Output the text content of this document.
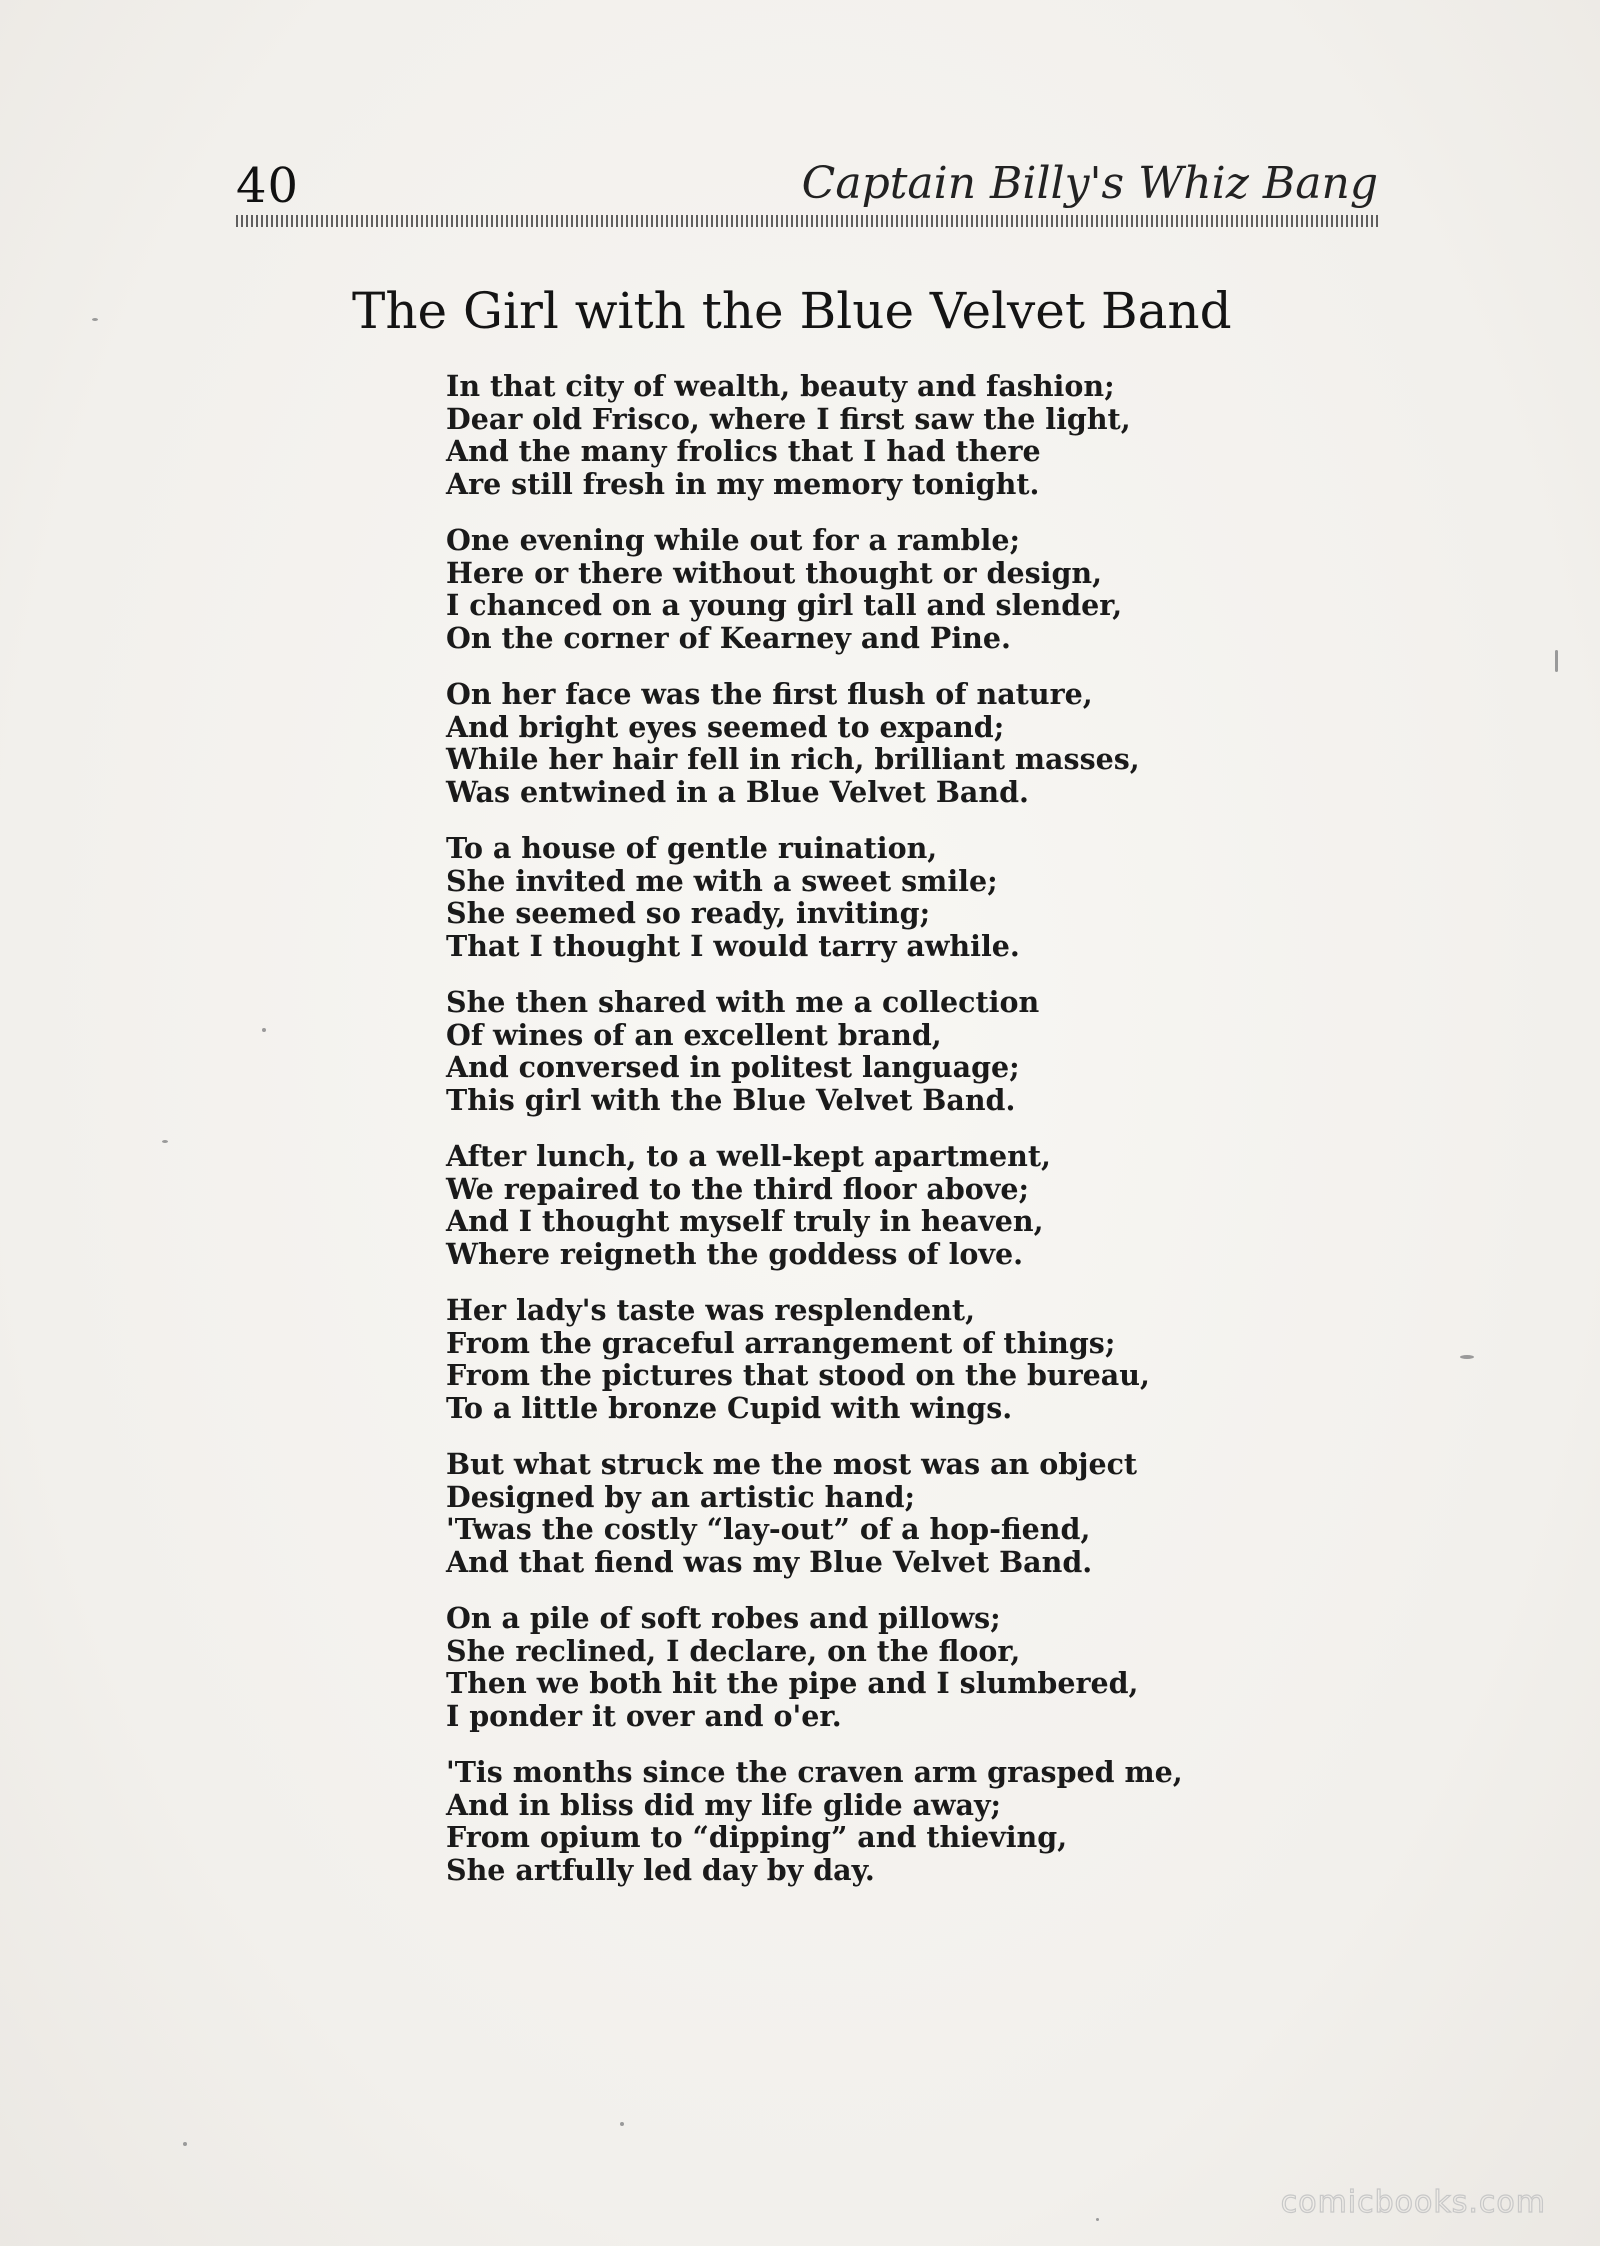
40	Captain Billy's Whiz Bang
The Girl with the Blue Velvet Band
In that city of wealth, beauty and fashion;
Dear old Frisco, where I first saw the light,
And the many frolics that I had there
Are still fresh in my memory tonight.
One evening while out for a ramble;
Here or there without thought or design,
I chanced on a young girl tall and slender,
On the corner of Kearney and Pine.
On her face was the first flush of nature,
And bright eyes seemed to expand;
While her hair fell in rich, brilliant masses,
Was entwined in a Blue Velvet Band.
To a house of gentle ruination,
She invited me with a sweet smile;
She seemed so ready, inviting;
That I thought I would tarry awhile.
She then shared with me a collection
Of wines of an excellent brand,
And conversed in politest language;
This girl with the Blue Velvet Band.
After lunch, to a well-kept apartment,
We repaired to the third floor above;
And I thought myself truly in heaven,
Where reigneth the goddess of love.
Her lady's taste was resplendent,
From the graceful arrangement of things;
From the pictures that stood on the bureau,
To a little bronze Cupid with wings.
But what struck me the most was an object
Designed by an artistic hand;
'Twas the costly “lay-out” of a hop-fiend,
And that fiend was my Blue Velvet Band.
On a pile of soft robes and pillows;
She reclined, I declare, on the floor,
Then we both hit the pipe and I slumbered,
I ponder it over and o'er.
'Tis months since the craven arm grasped me,
And in bliss did my life glide away;
From opium to “dipping” and thieving,
She artfully led day by day.
comicbooks.com
